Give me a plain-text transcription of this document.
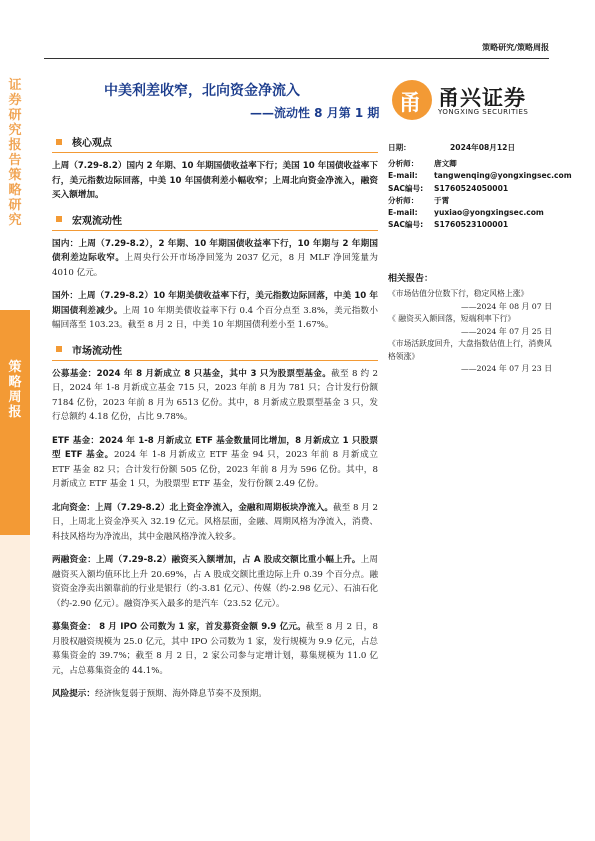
证券研究报告 策略研究
策略周报
策略研究/策略周报
中美利差收窄，北向资金净流入
——流动性 8 月第 1 期 甬 甬兴证券
YONGXING SECURITIES
核心观点

上周（7.29-8.2）国内 2 年期、10 年期国债收益率下行；美国 10 年国债收益率下行，美元指数边际回落，中美 10 年国债利差小幅收窄；上周北向资金净流入，融资买入额增加。

宏观流动性

国内：上周（7.29-8.2），2 年期、10 年期国债收益率下行，10 年期与 2 年期国债利差边际收窄。上周央行公开市场净回笼为 2037 亿元，8 月 MLF 净回笼量为 4010 亿元。

国外：上周（7.29-8.2）10 年期美债收益率下行，美元指数边际回落，中美 10 年期国债利差减少。上周 10 年期美债收益率下行 0.4 个百分点至 3.8%，美元指数小幅回落至 103.23。截至 8 月 2 日，中美 10 年期国债利差小至 1.67%。

市场流动性

公募基金：2024 年 8 月新成立 8 只基金，其中 3 只为股票型基金。截至 8 约 2 日，2024 年 1-8 月新成立基金 715 只，2023 年前 8 月为 781 只；合计发行份额 7184 亿份，2023 年前 8 月为 6513 亿份。其中，8 月新成立股票型基金 3 只，发行总额约 4.18 亿份，占比 9.78%。

ETF 基金：2024 年 1-8 月新成立 ETF 基金数量同比增加，8 月新成立 1 只股票型 ETF 基金。2024 年 1-8 月新成立 ETF 基金 94 只，2023 年前 8 月新成立 ETF 基金 82 只；合计发行份额 505 亿份，2023 年前 8 月为 596 亿份。其中，8 月新成立 ETF 基金 1 只，为股票型 ETF 基金，发行份额 2.49 亿份。

北向资金：上周（7.29-8.2）北上资金净流入，金融和周期板块净流入。截至 8 月 2 日，上周北上资金净买入 32.19 亿元。风格层面，金融、周期风格为净流入，消费、科技风格均为净流出，其中金融风格净流入较多。

两融资金：上周（7.29-8.2）融资买入额增加，占 A 股成交额比重小幅上升。上周融资买入额均值环比上升 20.69%，占 A 股成交额比重边际上升 0.39 个百分点。融资资金净卖出额靠前的行业是银行（约-3.81 亿元）、传媒（约-2.98 亿元）、石油石化（约-2.90 亿元）。融资净买入最多的是汽车（23.52 亿元）。

募集资金： 8 月 IPO 公司数为 1 家，首发募资金额 9.9 亿元。截至 8 月 2 日，8 月股权融资规模为 25.0 亿元，其中 IPO 公司数为 1 家，发行规模为 9.9 亿元，占总募集资金的 39.7%；截至 8 月 2 日，2 家公司参与定增计划，募集规模为 11.0 亿元，占总募集资金的 44.1%。

风险提示：经济恢复弱于预期、海外降息节奏不及预期。
日期：	2024年08月12日
分析师：	唐文卿
E-mail:	tangwenqing@yongxingsec.com
SAC编号:	S1760524050001
分析师：	于霄
E-mail:	yuxiao@yongxingsec.com
SAC编号:	S1760523100001
相关报告：
《市场估值分位数下行，稳定风格上涨》
——2024 年 08 月 07 日
《 融资买入额回落，短端利率下行》
——2024 年 07 月 25 日
《市场活跃度回升，大盘指数估值上行，消费风格领涨》
——2024 年 07 月 23 日
